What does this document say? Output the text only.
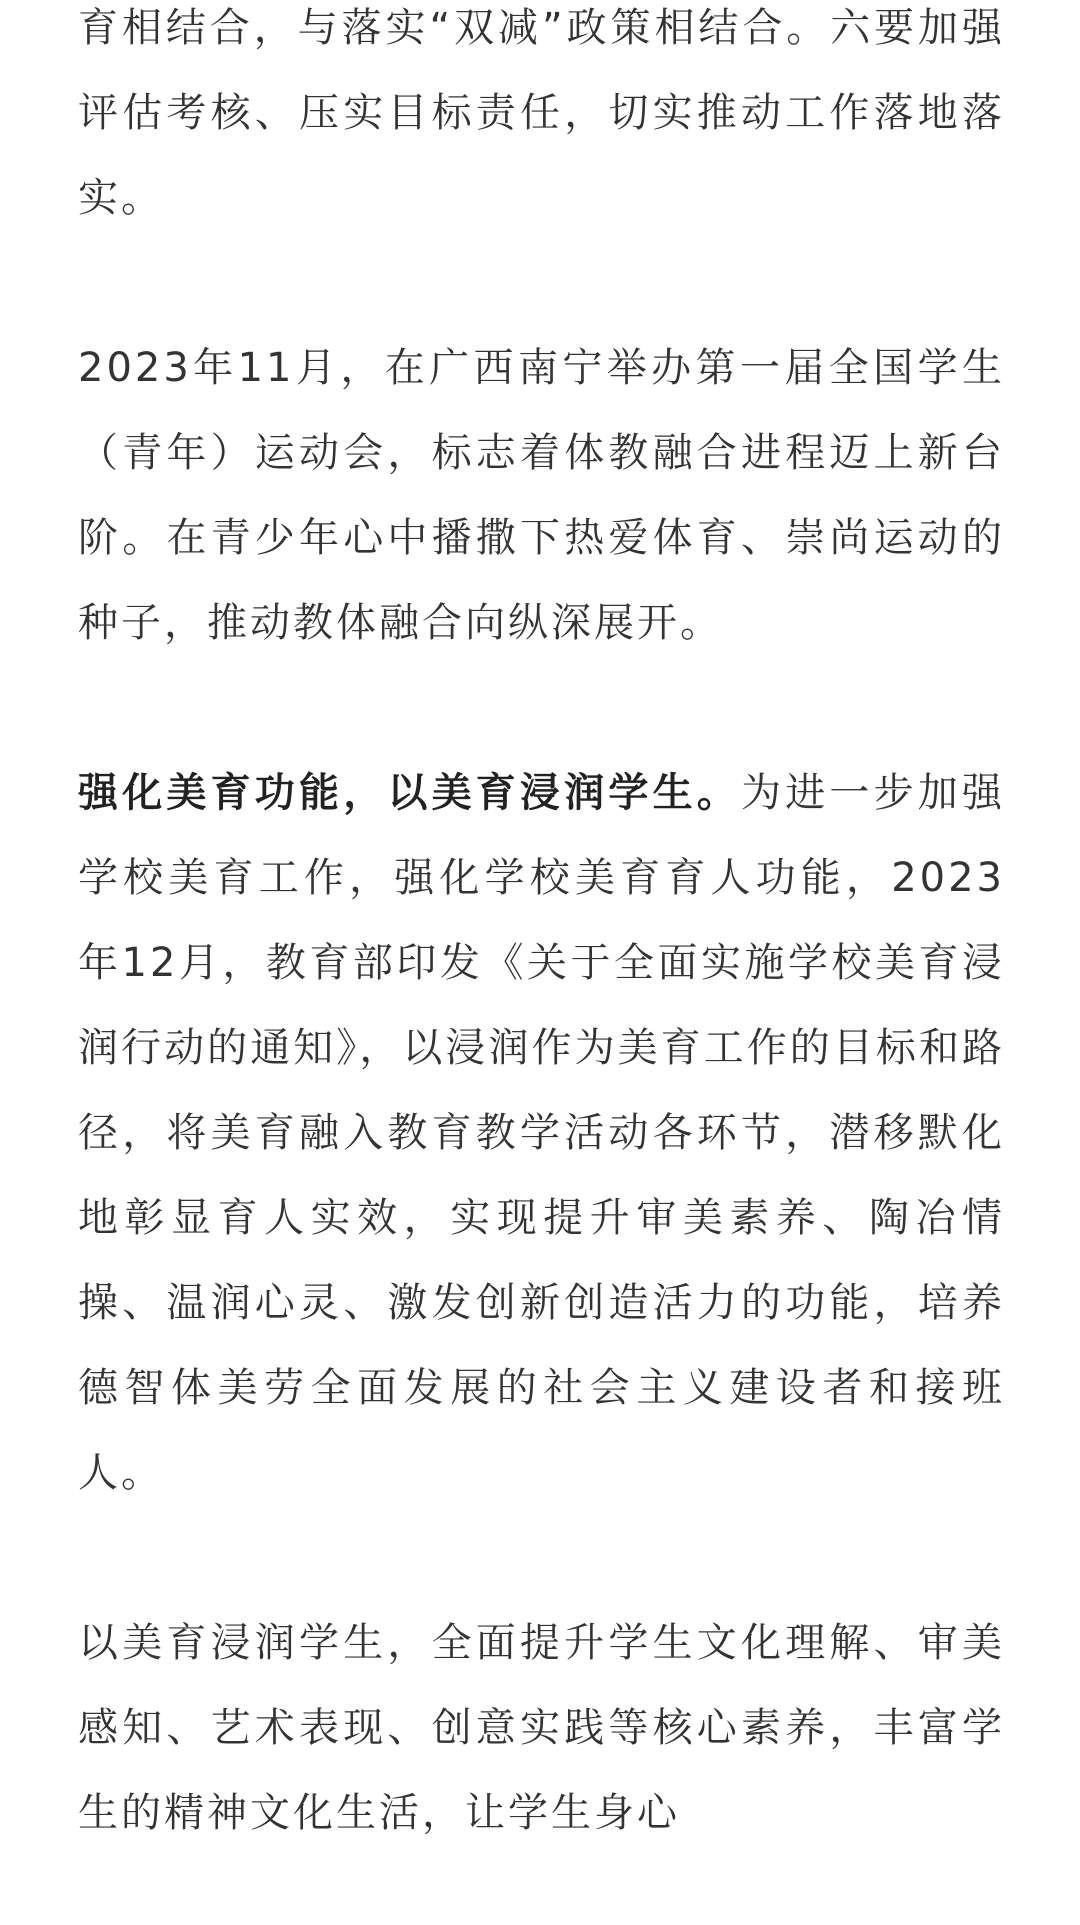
育相结合，与落实“双减”政策相结合。六要加强评估考核、压实目标责任，切实推动工作落地落实。

2023年11月，在广西南宁举办第一届全国学生（青年）运动会，标志着体教融合进程迈上新台阶。在青少年心中播撒下热爱体育、崇尚运动的种子，推动教体融合向纵深展开。

强化美育功能，以美育浸润学生。为进一步加强学校美育工作，强化学校美育育人功能，2023年12月，教育部印发《关于全面实施学校美育浸润行动的通知》，以浸润作为美育工作的目标和路径，将美育融入教育教学活动各环节，潜移默化地彰显育人实效，实现提升审美素养、陶冶情操、温润心灵、激发创新创造活力的功能，培养德智体美劳全面发展的社会主义建设者和接班人。

以美育浸润学生，全面提升学生文化理解、审美感知、艺术表现、创意实践等核心素养，丰富学生的精神文化生活，让学生身心
